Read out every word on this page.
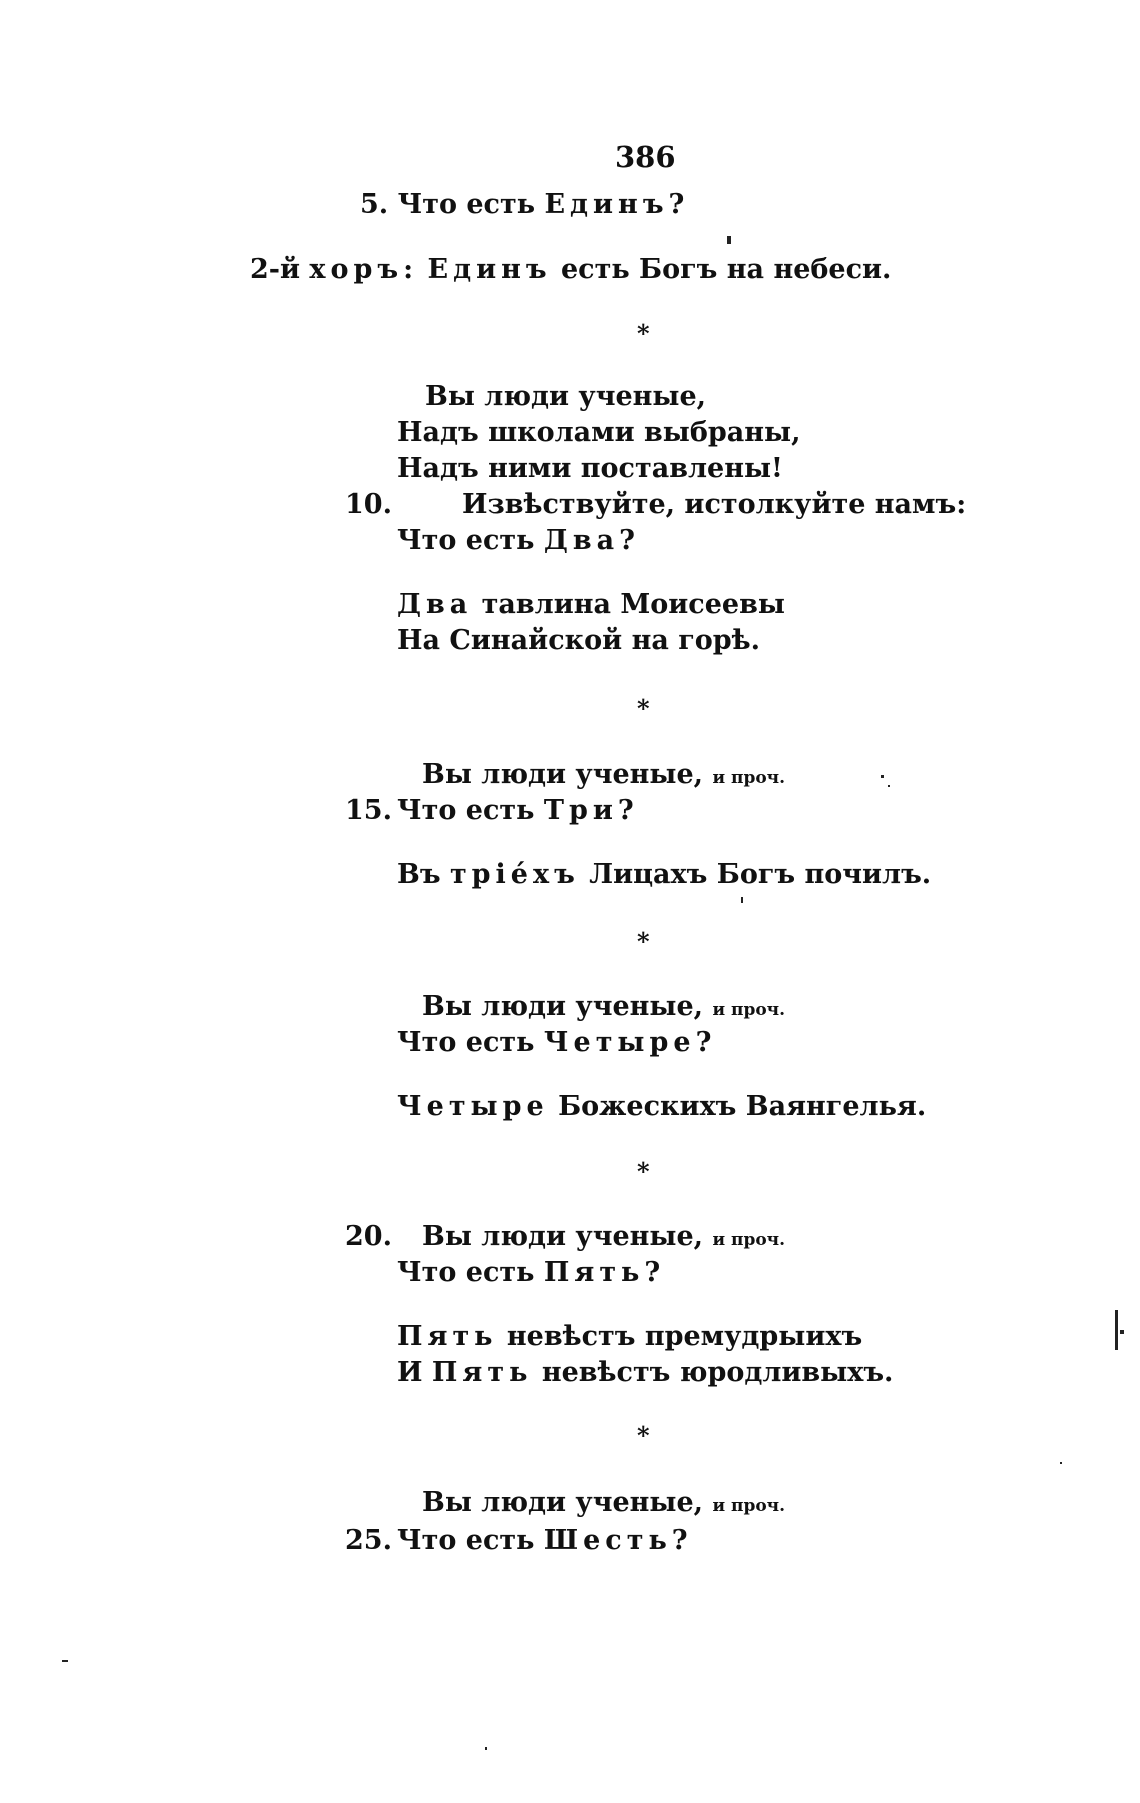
386
5. Что есть Единъ?
2-й хоръ: Единъ есть Богъ на небеси.
*
Вы люди ученые,
Надъ школами выбраны,
Надъ ними поставлены!
10.	Извѣствуйте, истолкуйте намъ:
Что есть Два?
Два тавлина Моисеевы
На Синайской на горѣ.
*
Вы люди ученые, и проч.
15. Что есть Три?
Въ тріéхъ Лицахъ Богъ почилъ.
*
Вы люди ученые, и проч.
Что есть Четыре?
Четыре Божескихъ Ваянгелья.
*
20. Вы люди ученые, и проч.
Что есть Пять?
Пять невѣстъ премудрыихъ
И Пять невѣстъ юродливыхъ.
*
Вы люди ученые, и проч.
25. Что есть Шесть?
